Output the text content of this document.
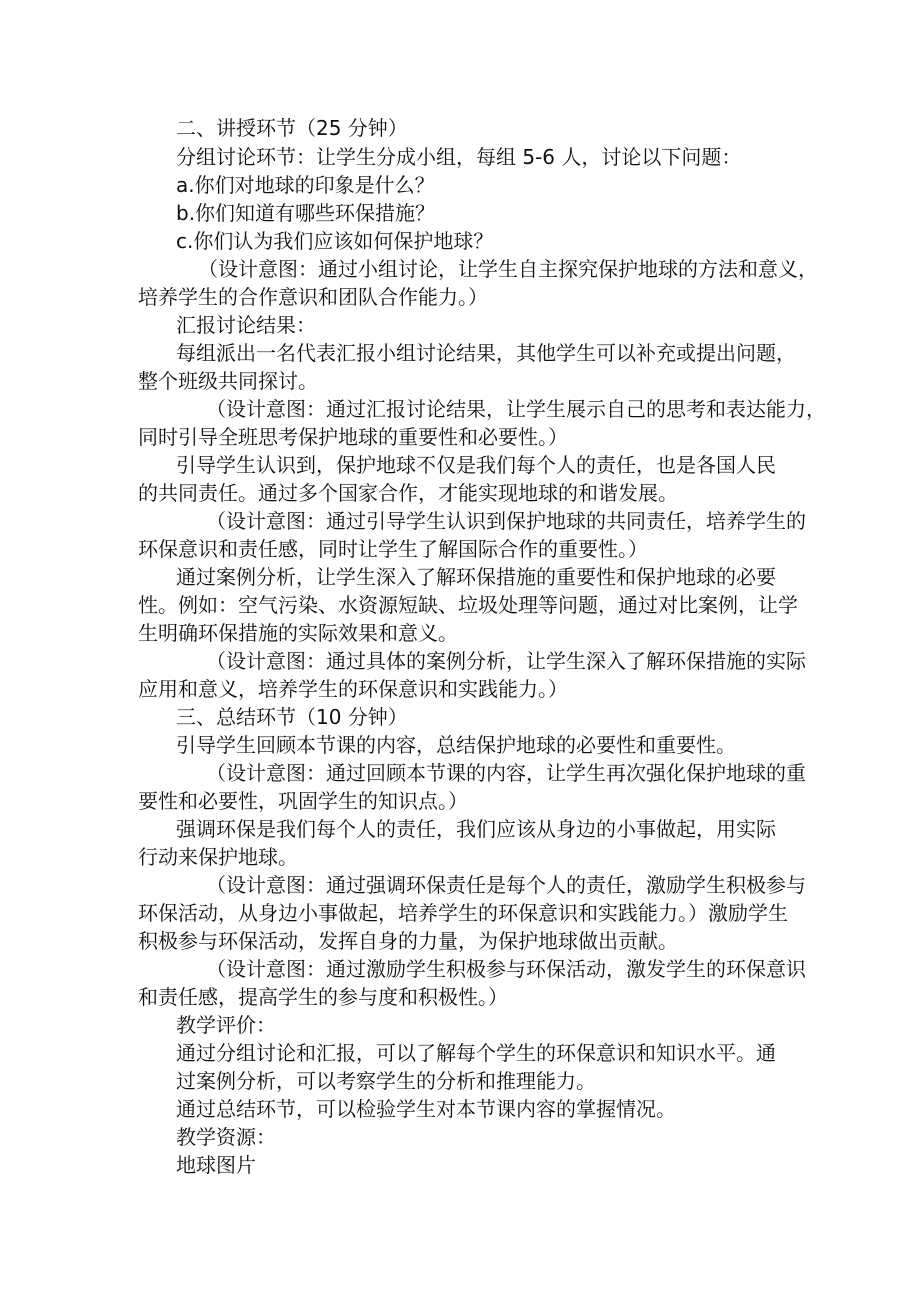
二、讲授环节（25 分钟）
分组讨论环节：让学生分成小组，每组 5-6 人，讨论以下问题：
a.你们对地球的印象是什么？
b.你们知道有哪些环保措施？
c.你们认为我们应该如何保护地球？
（设计意图：通过小组讨论，让学生自主探究保护地球的方法和意义，
培养学生的合作意识和团队合作能力。）
汇报讨论结果：
每组派出一名代表汇报小组讨论结果，其他学生可以补充或提出问题，
整个班级共同探讨。
（设计意图：通过汇报讨论结果，让学生展示自己的思考和表达能力，
同时引导全班思考保护地球的重要性和必要性。）
引导学生认识到，保护地球不仅是我们每个人的责任，也是各国人民
的共同责任。通过多个国家合作，才能实现地球的和谐发展。
（设计意图：通过引导学生认识到保护地球的共同责任，培养学生的
环保意识和责任感，同时让学生了解国际合作的重要性。）
通过案例分析，让学生深入了解环保措施的重要性和保护地球的必要
性。例如：空气污染、水资源短缺、垃圾处理等问题，通过对比案例，让学
生明确环保措施的实际效果和意义。
（设计意图：通过具体的案例分析，让学生深入了解环保措施的实际
应用和意义，培养学生的环保意识和实践能力。）
三、总结环节（10 分钟）
引导学生回顾本节课的内容，总结保护地球的必要性和重要性。
（设计意图：通过回顾本节课的内容，让学生再次强化保护地球的重
要性和必要性，巩固学生的知识点。）
强调环保是我们每个人的责任，我们应该从身边的小事做起，用实际
行动来保护地球。
（设计意图：通过强调环保责任是每个人的责任，激励学生积极参与
环保活动，从身边小事做起，培养学生的环保意识和实践能力。）激励学生
积极参与环保活动，发挥自身的力量，为保护地球做出贡献。
（设计意图：通过激励学生积极参与环保活动，激发学生的环保意识
和责任感，提高学生的参与度和积极性。）
教学评价：
通过分组讨论和汇报，可以了解每个学生的环保意识和知识水平。通
过案例分析，可以考察学生的分析和推理能力。
通过总结环节，可以检验学生对本节课内容的掌握情况。
教学资源：
地球图片
